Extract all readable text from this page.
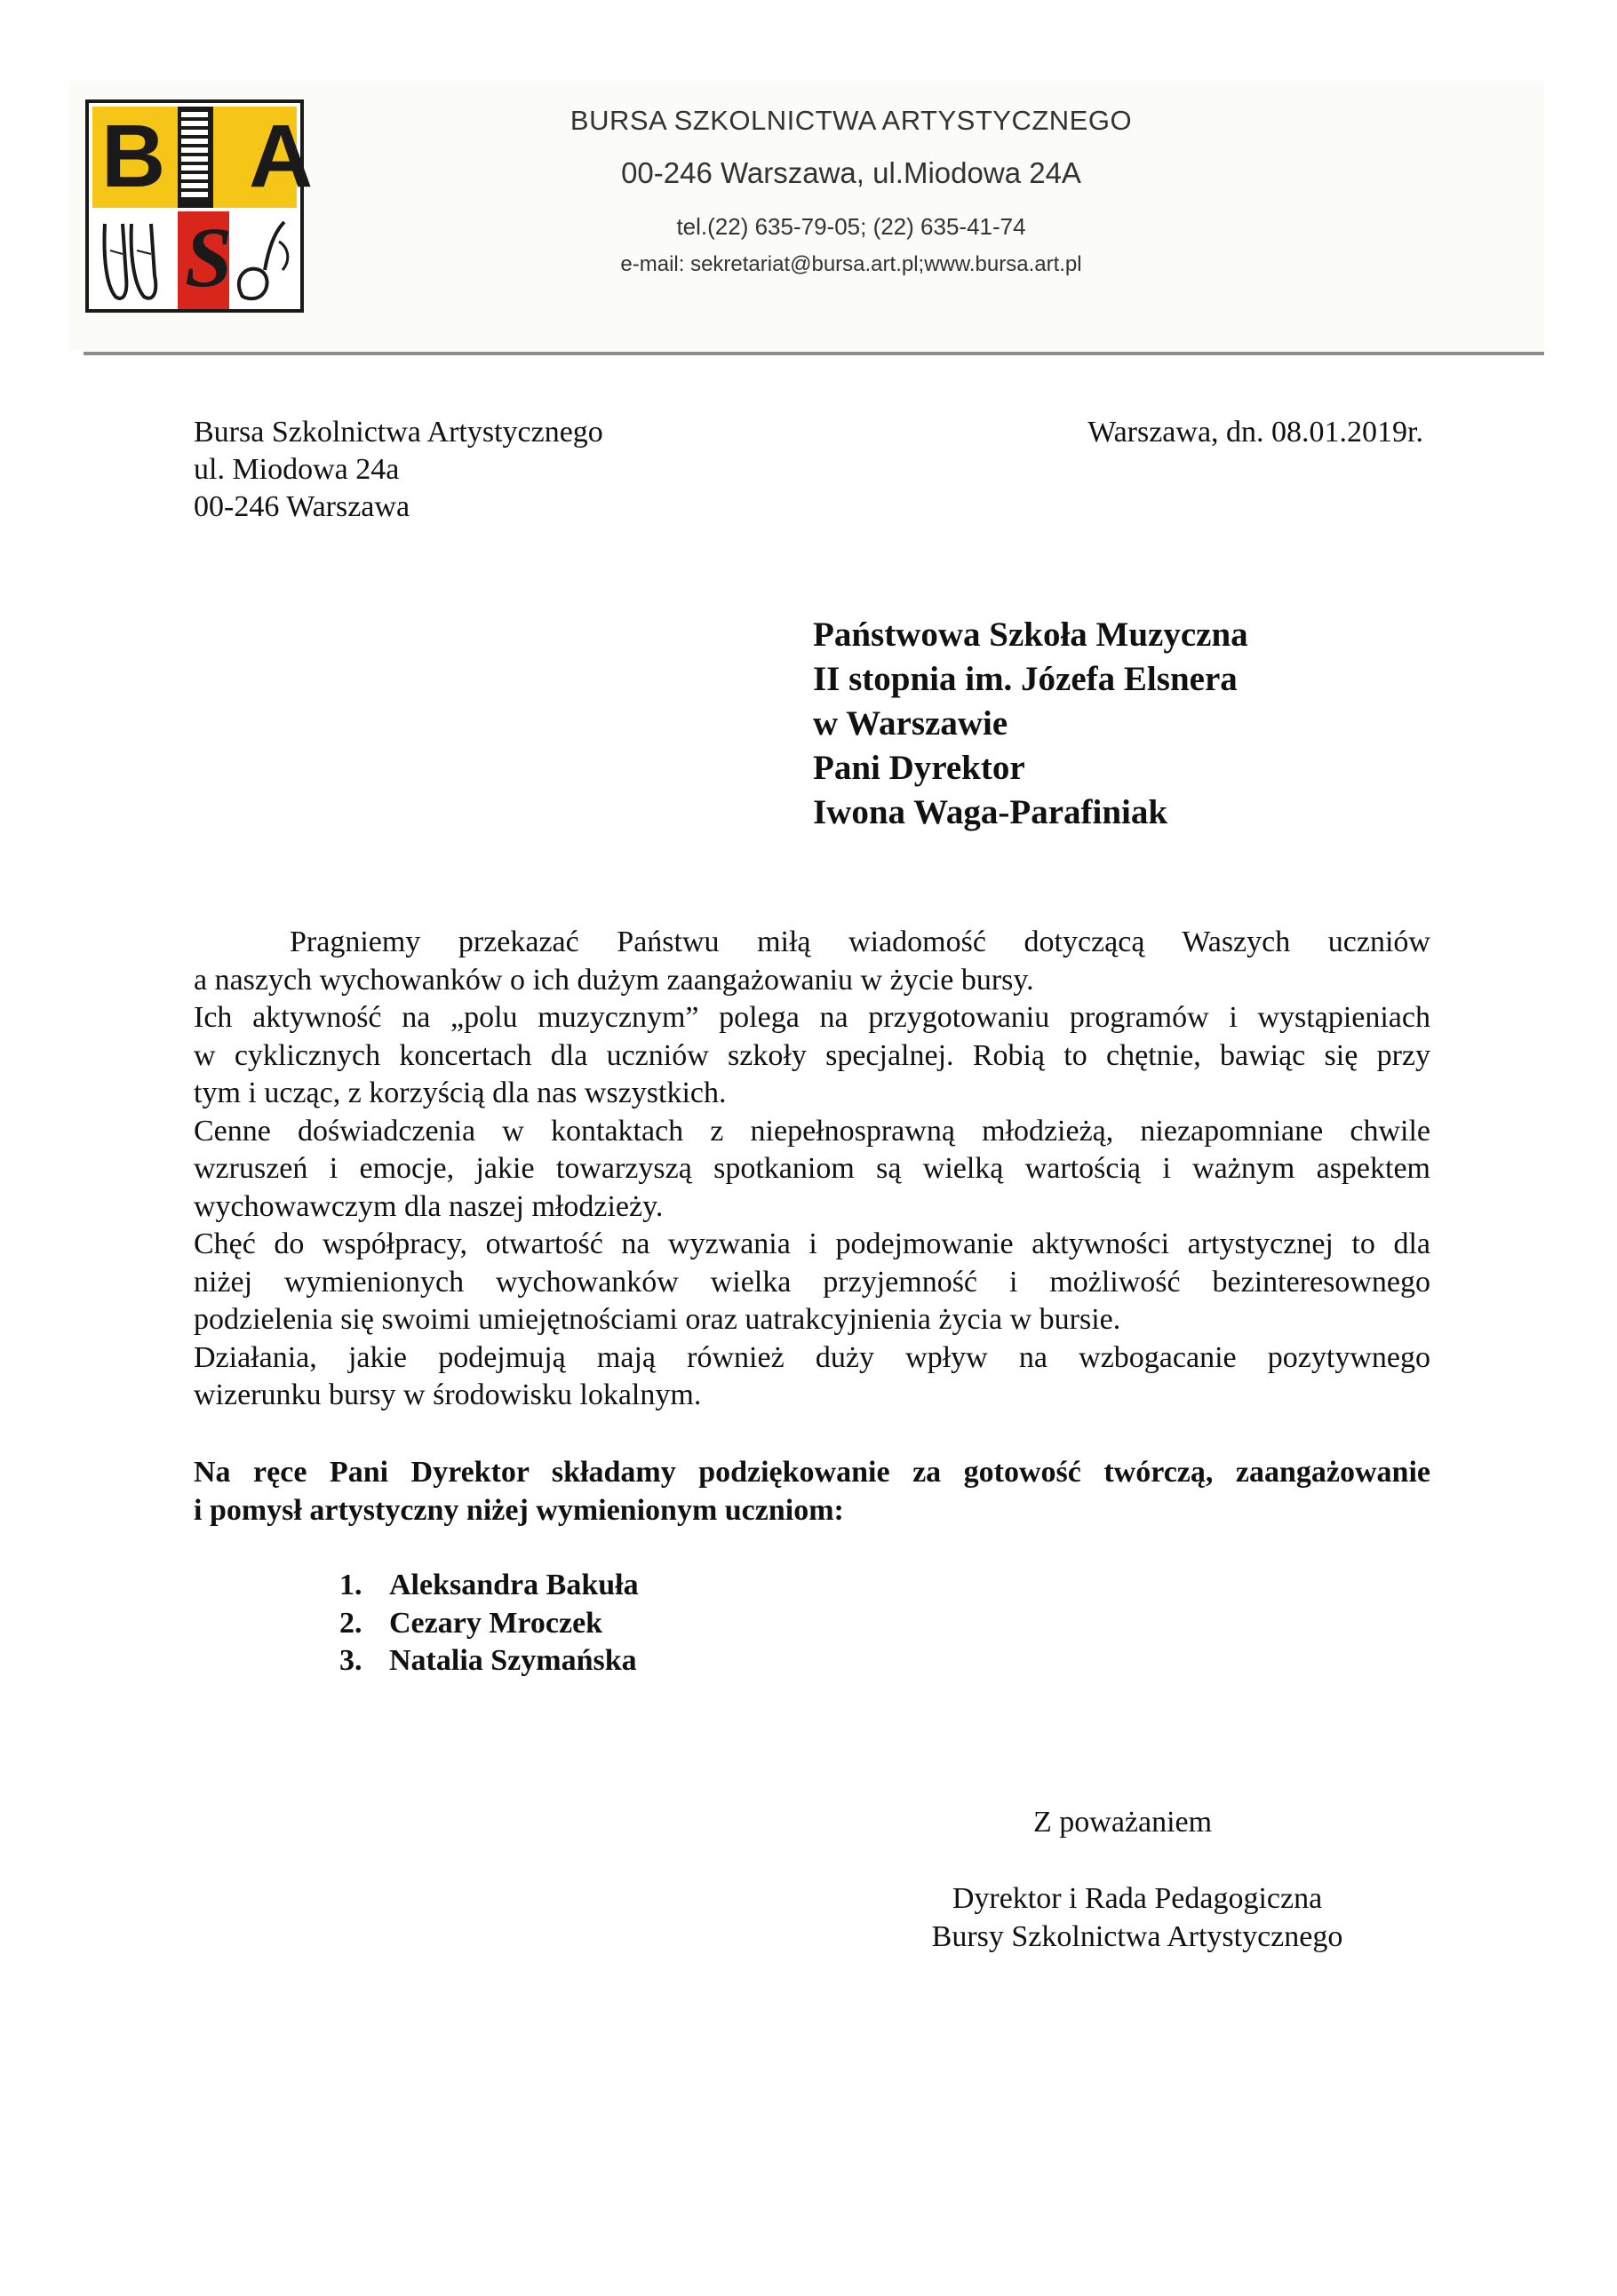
B A
S
BURSA SZKOLNICTWA ARTYSTYCZNEGO
00-246 Warszawa, ul.Miodowa 24A
tel.(22) 635-79-05; (22) 635-41-74
e-mail: sekretariat@bursa.art.pl;www.bursa.art.pl
Bursa Szkolnictwa Artystycznego
ul. Miodowa 24a
00-246 Warszawa
Warszawa, dn. 08.01.2019r.
Państwowa Szkoła Muzyczna
II stopnia im. Józefa Elsnera
w Warszawie
Pani Dyrektor
Iwona Waga-Parafiniak
Pragniemy przekazać Państwu miłą wiadomość dotyczącą Waszych uczniów
a naszych wychowanków o ich dużym zaangażowaniu w życie bursy.
Ich aktywność na „polu muzycznym” polega na przygotowaniu programów i wystąpieniach
w cyklicznych koncertach dla uczniów szkoły specjalnej. Robią to chętnie, bawiąc się przy
tym i ucząc, z korzyścią dla nas wszystkich.
Cenne doświadczenia w kontaktach z niepełnosprawną młodzieżą, niezapomniane chwile
wzruszeń i emocje, jakie towarzyszą spotkaniom są wielką wartością i ważnym aspektem
wychowawczym dla naszej młodzieży.
Chęć do współpracy, otwartość na wyzwania i podejmowanie aktywności artystycznej to dla
niżej wymienionych wychowanków wielka przyjemność i możliwość bezinteresownego
podzielenia się swoimi umiejętnościami oraz uatrakcyjnienia życia w bursie.
Działania, jakie podejmują mają również duży wpływ na wzbogacanie pozytywnego
wizerunku bursy w środowisku lokalnym.
Na ręce Pani Dyrektor składamy podziękowanie za gotowość twórczą, zaangażowanie
i pomysł artystyczny niżej wymienionym uczniom:
1. Aleksandra Bakuła
2. Cezary Mroczek
3. Natalia Szymańska
Z poważaniem
Dyrektor i Rada Pedagogiczna
Bursy Szkolnictwa Artystycznego
